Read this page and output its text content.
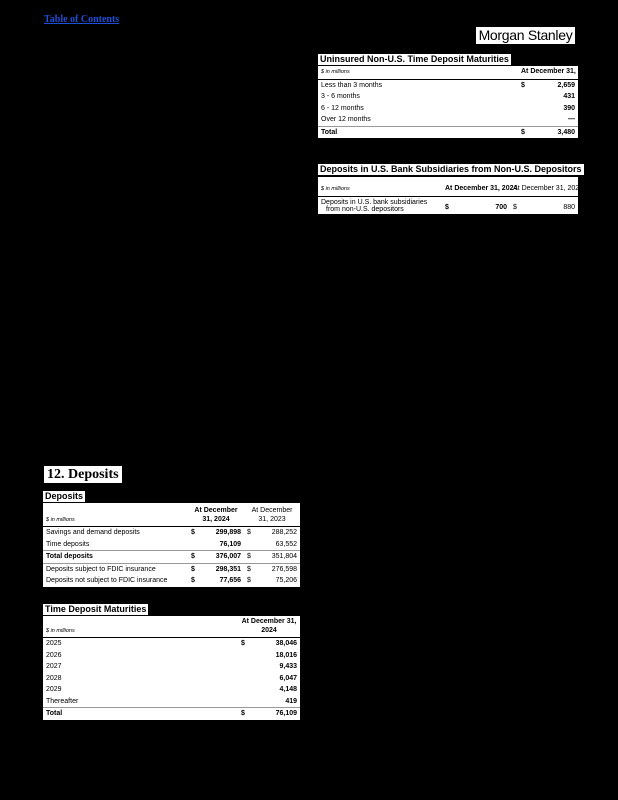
Table of Contents
Morgan Stanley
Uninsured Non-U.S. Time Deposit Maturities
$ in millions	At December 31, 2024	
Less than 3 months	$	2,659
3 - 6 months		431
6 - 12 months		390
Over 12 months		—
Total	$	3,480
Deposits in U.S. Bank Subsidiaries from Non-U.S. Depositors
$ in millions	At December 31, 2024		At December 31, 2023	

Deposits in U.S. bank subsidiaries
from non-U.S. depositors	$	700	$	880
12. Deposits
Deposits
$ in millions	At December 31, 2024		At December 31, 2023	
Savings and demand deposits	$	299,898	$	288,252
Time deposits		76,109		63,552
Total deposits	$	376,007	$	351,804
Deposits subject to FDIC insurance	$	298,351	$	276,598
Deposits not subject to FDIC insurance	$	77,656	$	75,206
Time Deposit Maturities
$ in millions	At December 31, 2024	
2025	$	38,046
2026		18,016
2027		9,433
2028		6,047
2029		4,148
Thereafter		419
Total	$	76,109
